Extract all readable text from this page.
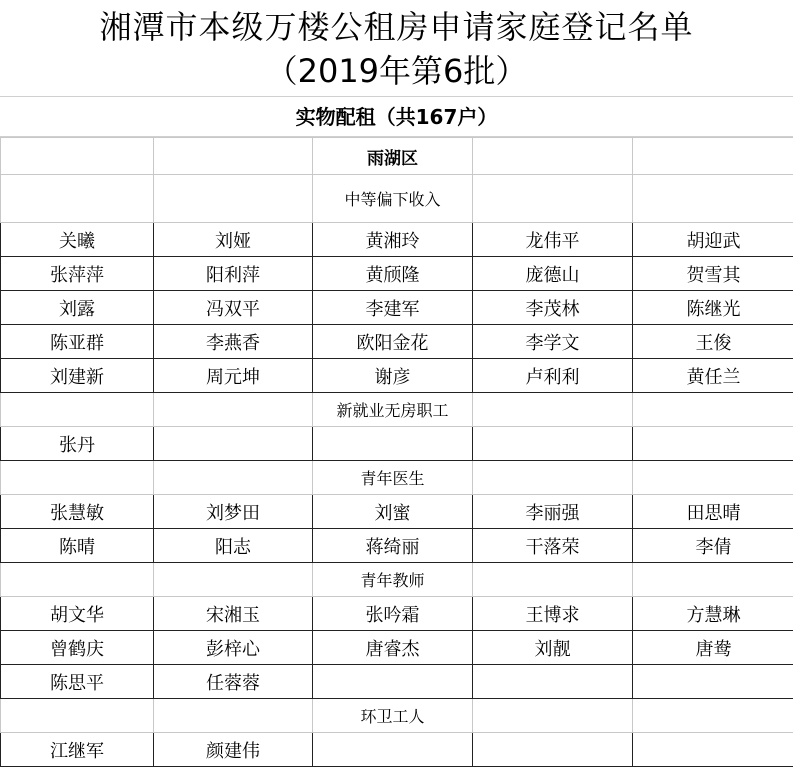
湘潭市本级万楼公租房申请家庭登记名单
（2019年第6批）
实物配租（共167户）
		雨湖区		
		中等偏下收入		
关曦	刘娅	黄湘玲	龙伟平	胡迎武
张萍萍	阳利萍	黄颀隆	庞德山	贺雪其
刘露	冯双平	李建军	李茂林	陈继光
陈亚群	李燕香	欧阳金花	李学文	王俊
刘建新	周元坤	谢彦	卢利利	黄任兰
		新就业无房职工		
张丹				
		青年医生		
张慧敏	刘梦田	刘蜜	李丽强	田思晴
陈晴	阳志	蒋绮丽	干落荣	李倩
		青年教师		
胡文华	宋湘玉	张吟霜	王博求	方慧琳
曾鹤庆	彭梓心	唐睿杰	刘靓	唐鸯
陈思平	任蓉蓉			
		环卫工人		
江继军	颜建伟			
